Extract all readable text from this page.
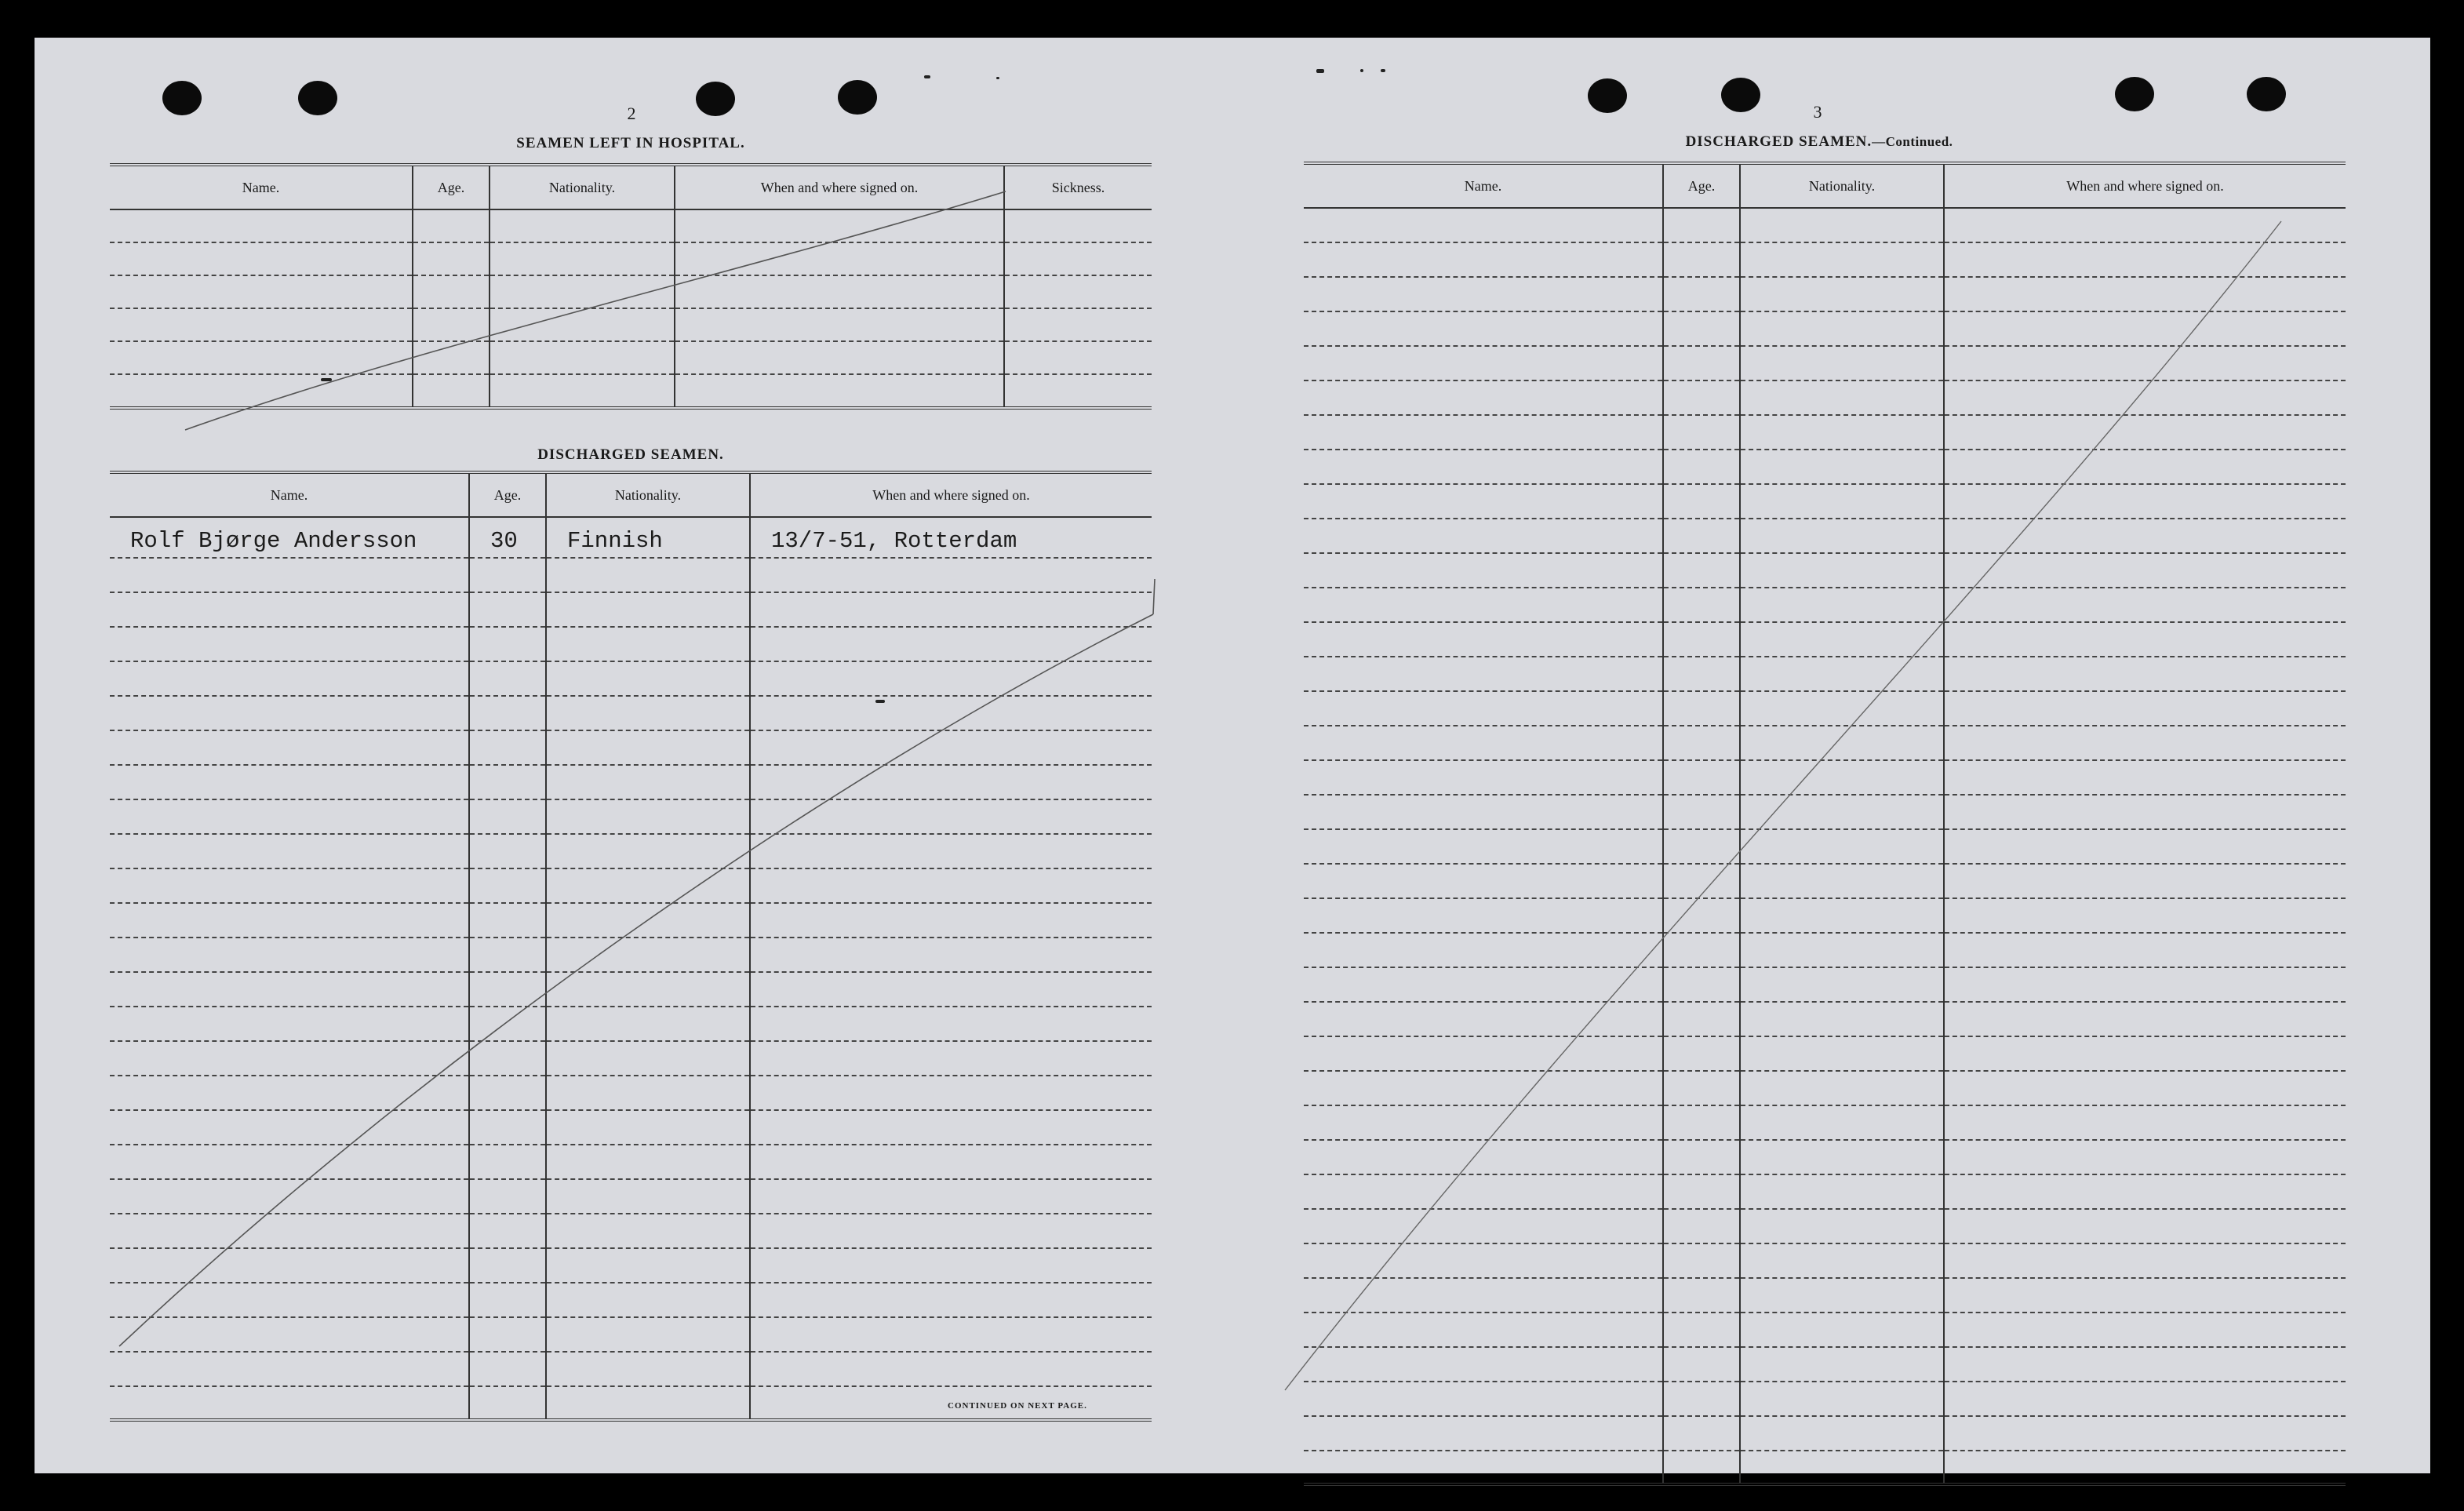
2
SEAMEN LEFT IN HOSPITAL.
Name.	Age.	Nationality.	When and where signed on.	Sickness.

DISCHARGED SEAMEN.
Name.	Age.	Nationality.	When and where signed on.

Rolf Bjørge Andersson	30	Finnish	13/7-51, Rotterdam

CONTINUED ON NEXT PAGE.
3
DISCHARGED SEAMEN.—Continued.
Name.	Age.	Nationality.	When and where signed on.
